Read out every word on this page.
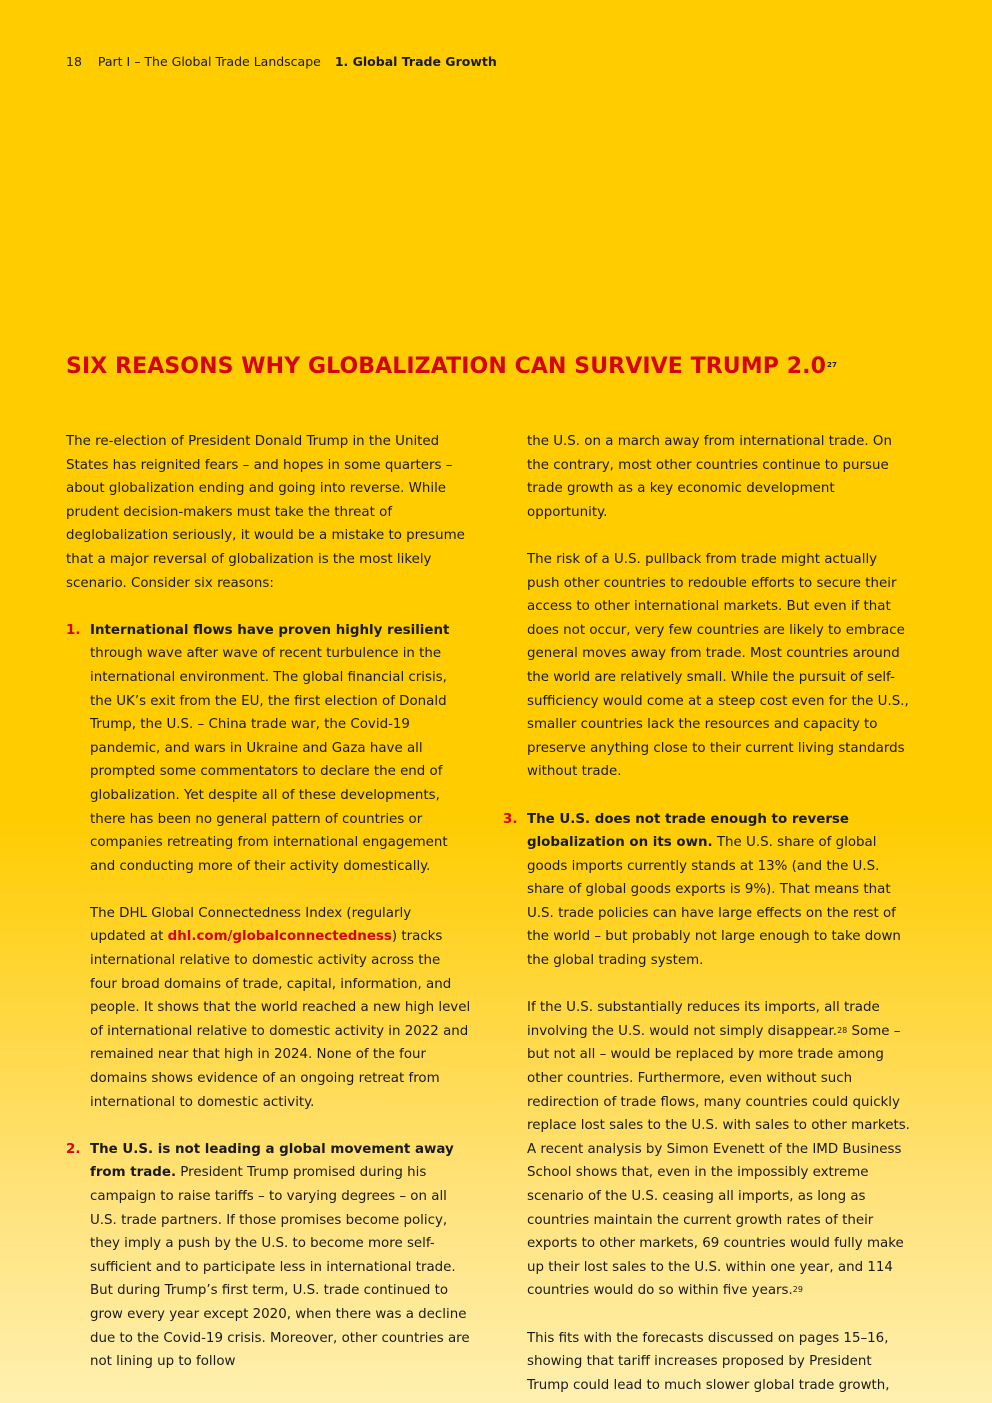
18 Part I – The Global Trade Landscape 1. Global Trade Growth
SIX REASONS WHY GLOBALIZATION CAN SURVIVE TRUMP $2.0^{27}$

The re-election of President Donald Trump in the United States has reignited fears – and hopes in some quarters – about globalization ending and going into reverse. While prudent decision-makers must take the threat of deglobalization seriously, it would be a mistake to presume that a major reversal of globalization is the most likely scenario. Consider six reasons:

1. International flows have proven highly resilient through wave after wave of recent turbulence in the international environment. The global financial crisis, the UK’s exit from the EU, the first election of Donald Trump, the U.S. – China trade war, the Covid-19 pandemic, and wars in Ukraine and Gaza have all prompted some commentators to declare the end of globalization. Yet despite all of these developments, there has been no general pattern of countries or companies retreating from international engagement and conducting more of their activity domestically.

The DHL Global Connectedness Index (regularly updated at dhl.com/globalconnectedness) tracks international relative to domestic activity across the four broad domains of trade, capital, information, and people. It shows that the world reached a new high level of international relative to domestic activity in 2022 and remained near that high in 2024. None of the four domains shows evidence of an ongoing retreat from international to domestic activity.

2. The U.S. is not leading a global movement away from trade. President Trump promised during his campaign to raise tariffs – to varying degrees – on all U.S. trade partners. If those promises become policy, they imply a push by the U.S. to become more self-sufficient and to participate less in international trade. But during Trump’s first term, U.S. trade continued to grow every year except 2020, when there was a decline due to the Covid-19 crisis. Moreover, other countries are not lining up to follow

the U.S. on a march away from international trade. On the contrary, most other countries continue to pursue trade growth as a key economic development opportunity.

The risk of a U.S. pullback from trade might actually push other countries to redouble efforts to secure their access to other international markets. But even if that does not occur, very few countries are likely to embrace general moves away from trade. Most countries around the world are relatively small. While the pursuit of self-sufficiency would come at a steep cost even for the U.S., smaller countries lack the resources and capacity to preserve anything close to their current living standards without trade.

3. The U.S. does not trade enough to reverse globalization on its own. The U.S. share of global goods imports currently stands at 13% (and the U.S. share of global goods exports is 9%). That means that U.S. trade policies can have large effects on the rest of the world – but probably not large enough to take down the global trading system.

If the U.S. substantially reduces its imports, all trade involving the U.S. would not simply disappear.$^{28}$ Some – but not all – would be replaced by more trade among other countries. Furthermore, even without such redirection of trade flows, many countries could quickly replace lost sales to the U.S. with sales to other markets. A recent analysis by Simon Evenett of the IMD Business School shows that, even in the impossibly extreme scenario of the U.S. ceasing all imports, as long as countries maintain the current growth rates of their exports to other markets, 69 countries would fully make up their lost sales to the U.S. within one year, and 114 countries would do so within five years.$^{29}$

This fits with the forecasts discussed on pages 15–16, showing that tariff increases proposed by President Trump could lead to much slower global trade growth,
